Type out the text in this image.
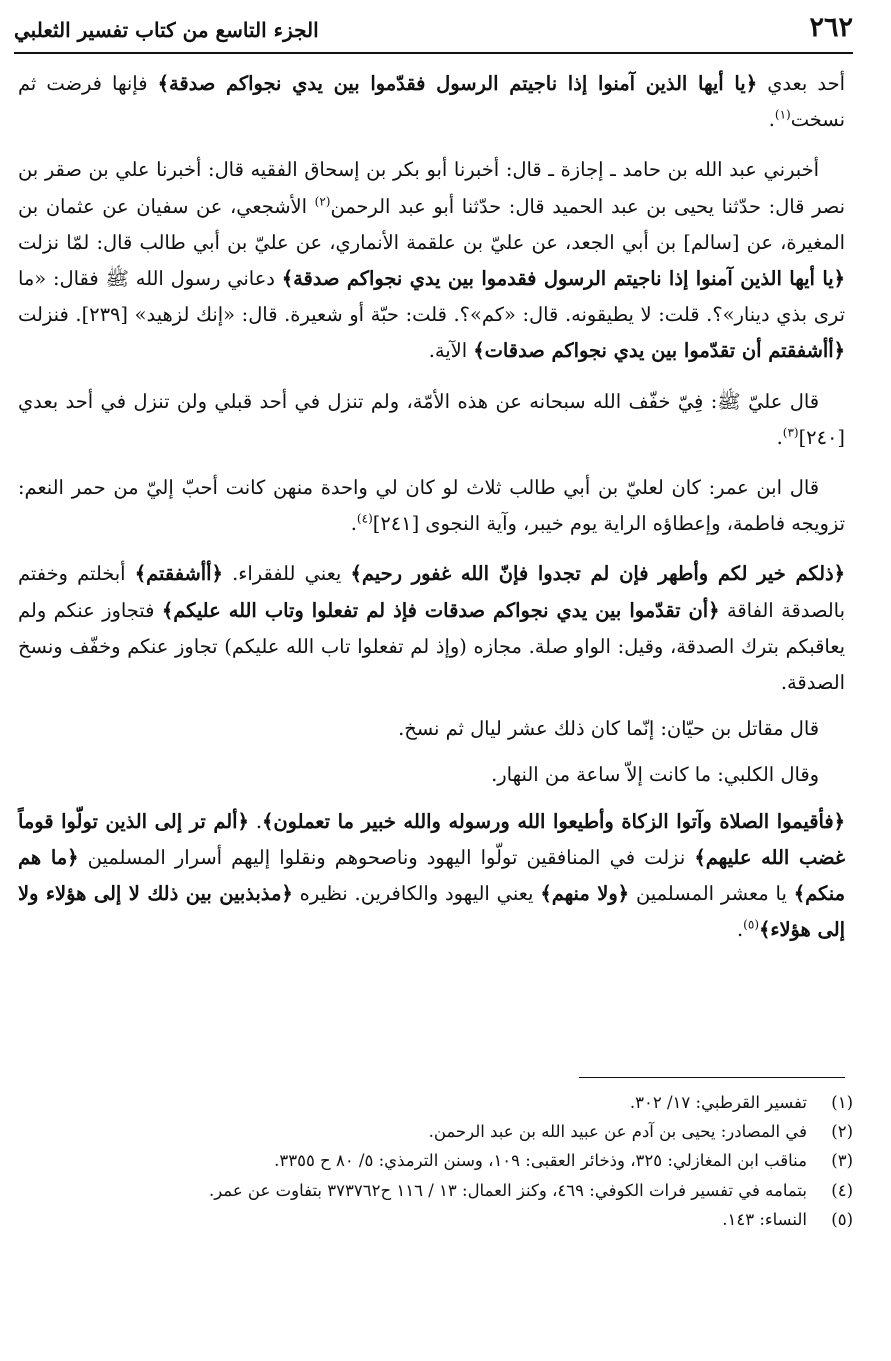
٢٦٢
الجزء التاسع من كتاب تفسير الثعلبي

أحد بعدي ﴿يا أيها الذين آمنوا إذا ناجيتم الرسول فقدّموا بين يدي نجواكم صدقة﴾ فإنها فرضت ثم نسخت$^{(١)}$.

أخبرني عبد الله بن حامد ـ إجازة ـ قال: أخبرنا أبو بكر بن إسحاق الفقيه قال: أخبرنا علي بن صقر بن نصر قال: حدّثنا يحيى بن عبد الحميد قال: حدّثنا أبو عبد الرحمن$^{(٢)}$ الأشجعي، عن سفيان عن عثمان بن المغيرة، عن [سالم] بن أبي الجعد، عن عليّ بن علقمة الأنماري، عن عليّ بن أبي طالب قال: لمّا نزلت ﴿يا أيها الذين آمنوا إذا ناجيتم الرسول فقدموا بين يدي نجواكم صدقة﴾ دعاني رسول الله ﷺ فقال: «ما ترى بذي دينار»؟. قلت: لا يطيقونه. قال: «كم»؟. قلت: حبّة أو شعيرة. قال: «إنك لزهيد» [٢٣٩]. فنزلت ﴿أأشفقتم أن تقدّموا بين يدي نجواكم صدقات﴾ الآية.

قال عليّ ﷺ: فِيّ خفّف الله سبحانه عن هذه الأمّة، ولم تنزل في أحد قبلي ولن تنزل في أحد بعدي [٢٤٠]$^{(٣)}$.

قال ابن عمر: كان لعليّ بن أبي طالب ثلاث لو كان لي واحدة منهن كانت أحبّ إليّ من حمر النعم: تزويجه فاطمة، وإعطاؤه الراية يوم خيبر، وآية النجوى [٢٤١]$^{(٤)}$.

﴿ذلكم خير لكم وأطهر فإن لم تجدوا فإنّ الله غفور رحيم﴾ يعني للفقراء. ﴿أأشفقتم﴾ أبخلتم وخفتم بالصدقة الفاقة ﴿أن تقدّموا بين يدي نجواكم صدقات فإذ لم تفعلوا وتاب الله عليكم﴾ فتجاوز عنكم ولم يعاقبكم بترك الصدقة، وقيل: الواو صلة. مجازه (وإذ لم تفعلوا تاب الله عليكم) تجاوز عنكم وخفّف ونسخ الصدقة.

قال مقاتل بن حيّان: إنّما كان ذلك عشر ليال ثم نسخ.

وقال الكلبي: ما كانت إلاّ ساعة من النهار.

﴿فأقيموا الصلاة وآتوا الزكاة وأطيعوا الله ورسوله والله خبير ما تعملون﴾. ﴿ألم تر إلى الذين تولّوا قوماً غضب الله عليهم﴾ نزلت في المنافقين تولّوا اليهود وناصحوهم ونقلوا إليهم أسرار المسلمين ﴿ما هم منكم﴾ يا معشر المسلمين ﴿ولا منهم﴾ يعني اليهود والكافرين. نظيره ﴿مذبذبين بين ذلك لا إلى هؤلاء ولا إلى هؤلاء﴾$^{(٥)}$.

(١)
تفسير القرطبي: ١٧/ ٣٠٢.
(٢)
في المصادر: يحيى بن آدم عن عبيد الله بن عبد الرحمن.
(٣)
مناقب ابن المغازلي: ٣٢٥، وذخائر العقبى: ١٠٩، وسنن الترمذي: ٥/ ٨٠ ح ٣٣٥٥.
(٤)
بتمامه في تفسير فرات الكوفي: ٤٦٩، وكنز العمال: ١٣ / ١١٦ ح٣٧٣٧٦٢ بتفاوت عن عمر.
(٥)
النساء: ١٤٣.
